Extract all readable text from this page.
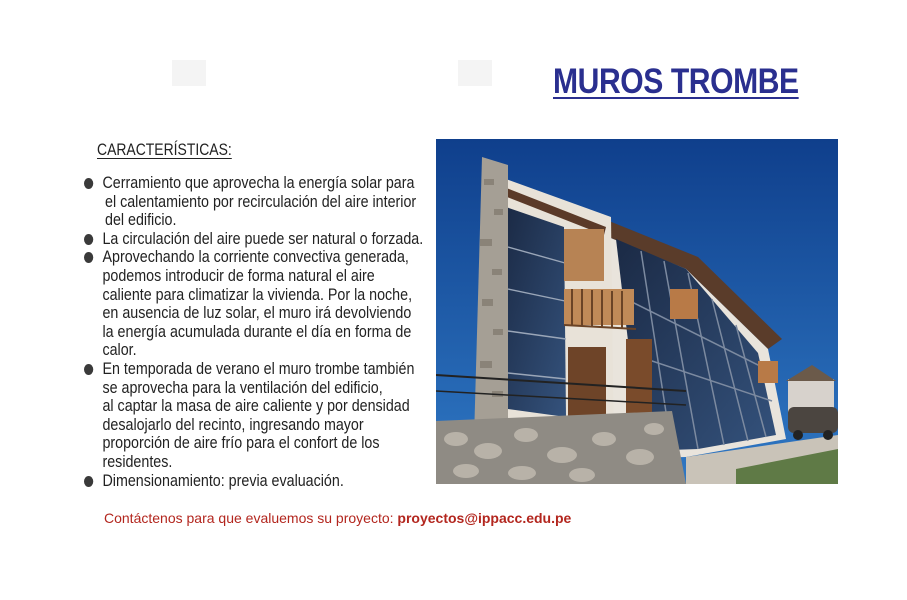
MUROS TROMBE
CARACTERÍSTICAS:
Cerramiento que aprovecha la energía solar para
el calentamiento por recirculación del aire interior
del edificio.
La circulación del aire puede ser natural o forzada.
Aprovechando la corriente convectiva generada,
podemos introducir de forma natural el aire
caliente para climatizar la vivienda. Por la noche,
en ausencia de luz solar, el muro irá devolviendo
la energía acumulada durante el día en forma de
calor.
En temporada de verano el muro trombe también
se aprovecha para la ventilación del edificio,
al captar la masa de aire caliente y por densidad
desalojarlo del recinto, ingresando mayor
proporción de aire frío para el confort de los
residentes.
Dimensionamiento: previa evaluación.
Contáctenos para que evaluemos su proyecto: proyectos@ippacc.edu.pe
